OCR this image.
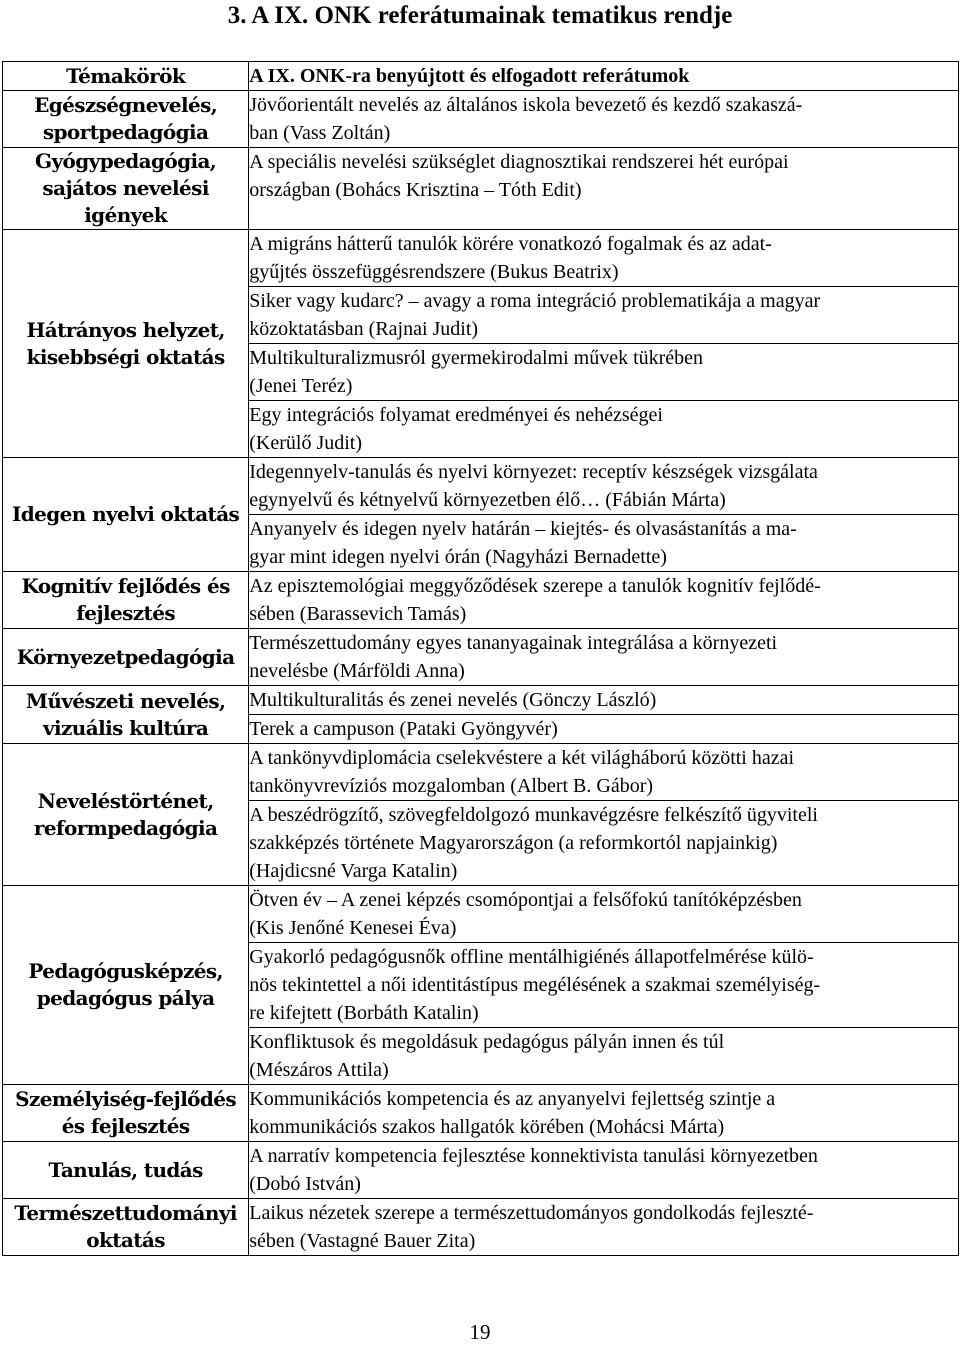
3. A IX. ONK referátumainak tematikus rendje
Témakörök	A IX. ONK-ra benyújtott és elfogadott referátumok

Egészségnevelés,
sportpedagógia	Jövőorientált nevelés az általános iskola bevezető és kezdő szakaszá-
ban (Vass Zoltán)

Gyógypedagógia,
sajátos nevelési
igények	A speciális nevelési szükséglet diagnosztikai rendszerei hét európai
országban (Bohács Krisztina – Tóth Edit)

Hátrányos helyzet,
kisebbségi oktatás	A migráns hátterű tanulók körére vonatkozó fogalmak és az adat-
gyűjtés összefüggésrendszere (Bukus Beatrix)

	Siker vagy kudarc? – avagy a roma integráció problematikája a magyar
közoktatásban (Rajnai Judit)

	Multikulturalizmusról gyermekirodalmi művek tükrében
(Jenei Teréz)

	Egy integrációs folyamat eredményei és nehézségei
(Kerülő Judit)

Idegen nyelvi oktatás	Idegennyelv-tanulás és nyelvi környezet: receptív készségek vizsgálata
egynyelvű és kétnyelvű környezetben élő… (Fábián Márta)

	Anyanyelv és idegen nyelv határán – kiejtés- és olvasástanítás a ma-
gyar mint idegen nyelvi órán (Nagyházi Bernadette)

Kognitív fejlődés és
fejlesztés	Az episztemológiai meggyőződések szerepe a tanulók kognitív fejlődé-
sében (Barassevich Tamás)

Környezetpedagógia	Természettudomány egyes tananyagainak integrálása a környezeti
nevelésbe (Márföldi Anna)

Művészeti nevelés,
vizuális kultúra	Multikulturalitás és zenei nevelés (Gönczy László)

	Terek a campuson (Pataki Gyöngyvér)

Neveléstörténet,
reformpedagógia	A tankönyvdiplomácia cselekvéstere a két világháború közötti hazai
tankönyvrevíziós mozgalomban (Albert B. Gábor)

	A beszédrögzítő, szövegfeldolgozó munkavégzésre felkészítő ügyviteli
szakképzés története Magyarországon (a reformkortól napjainkig)
(Hajdicsné Varga Katalin)

Pedagógusképzés,
pedagógus pálya	Ötven év – A zenei képzés csomópontjai a felsőfokú tanítóképzésben
(Kis Jenőné Kenesei Éva)

	Gyakorló pedagógusnők offline mentálhigiénés állapotfelmérése külö-
nös tekintettel a női identitástípus megélésének a szakmai személyiség-
re kifejtett (Borbáth Katalin)

	Konfliktusok és megoldásuk pedagógus pályán innen és túl
(Mészáros Attila)

Személyiség-fejlődés
és fejlesztés	Kommunikációs kompetencia és az anyanyelvi fejlettség szintje a
kommunikációs szakos hallgatók körében (Mohácsi Márta)

Tanulás, tudás	A narratív kompetencia fejlesztése konnektivista tanulási környezetben
(Dobó István)

Természettudományi
oktatás	Laikus nézetek szerepe a természettudományos gondolkodás fejleszté-
sében (Vastagné Bauer Zita)
19
